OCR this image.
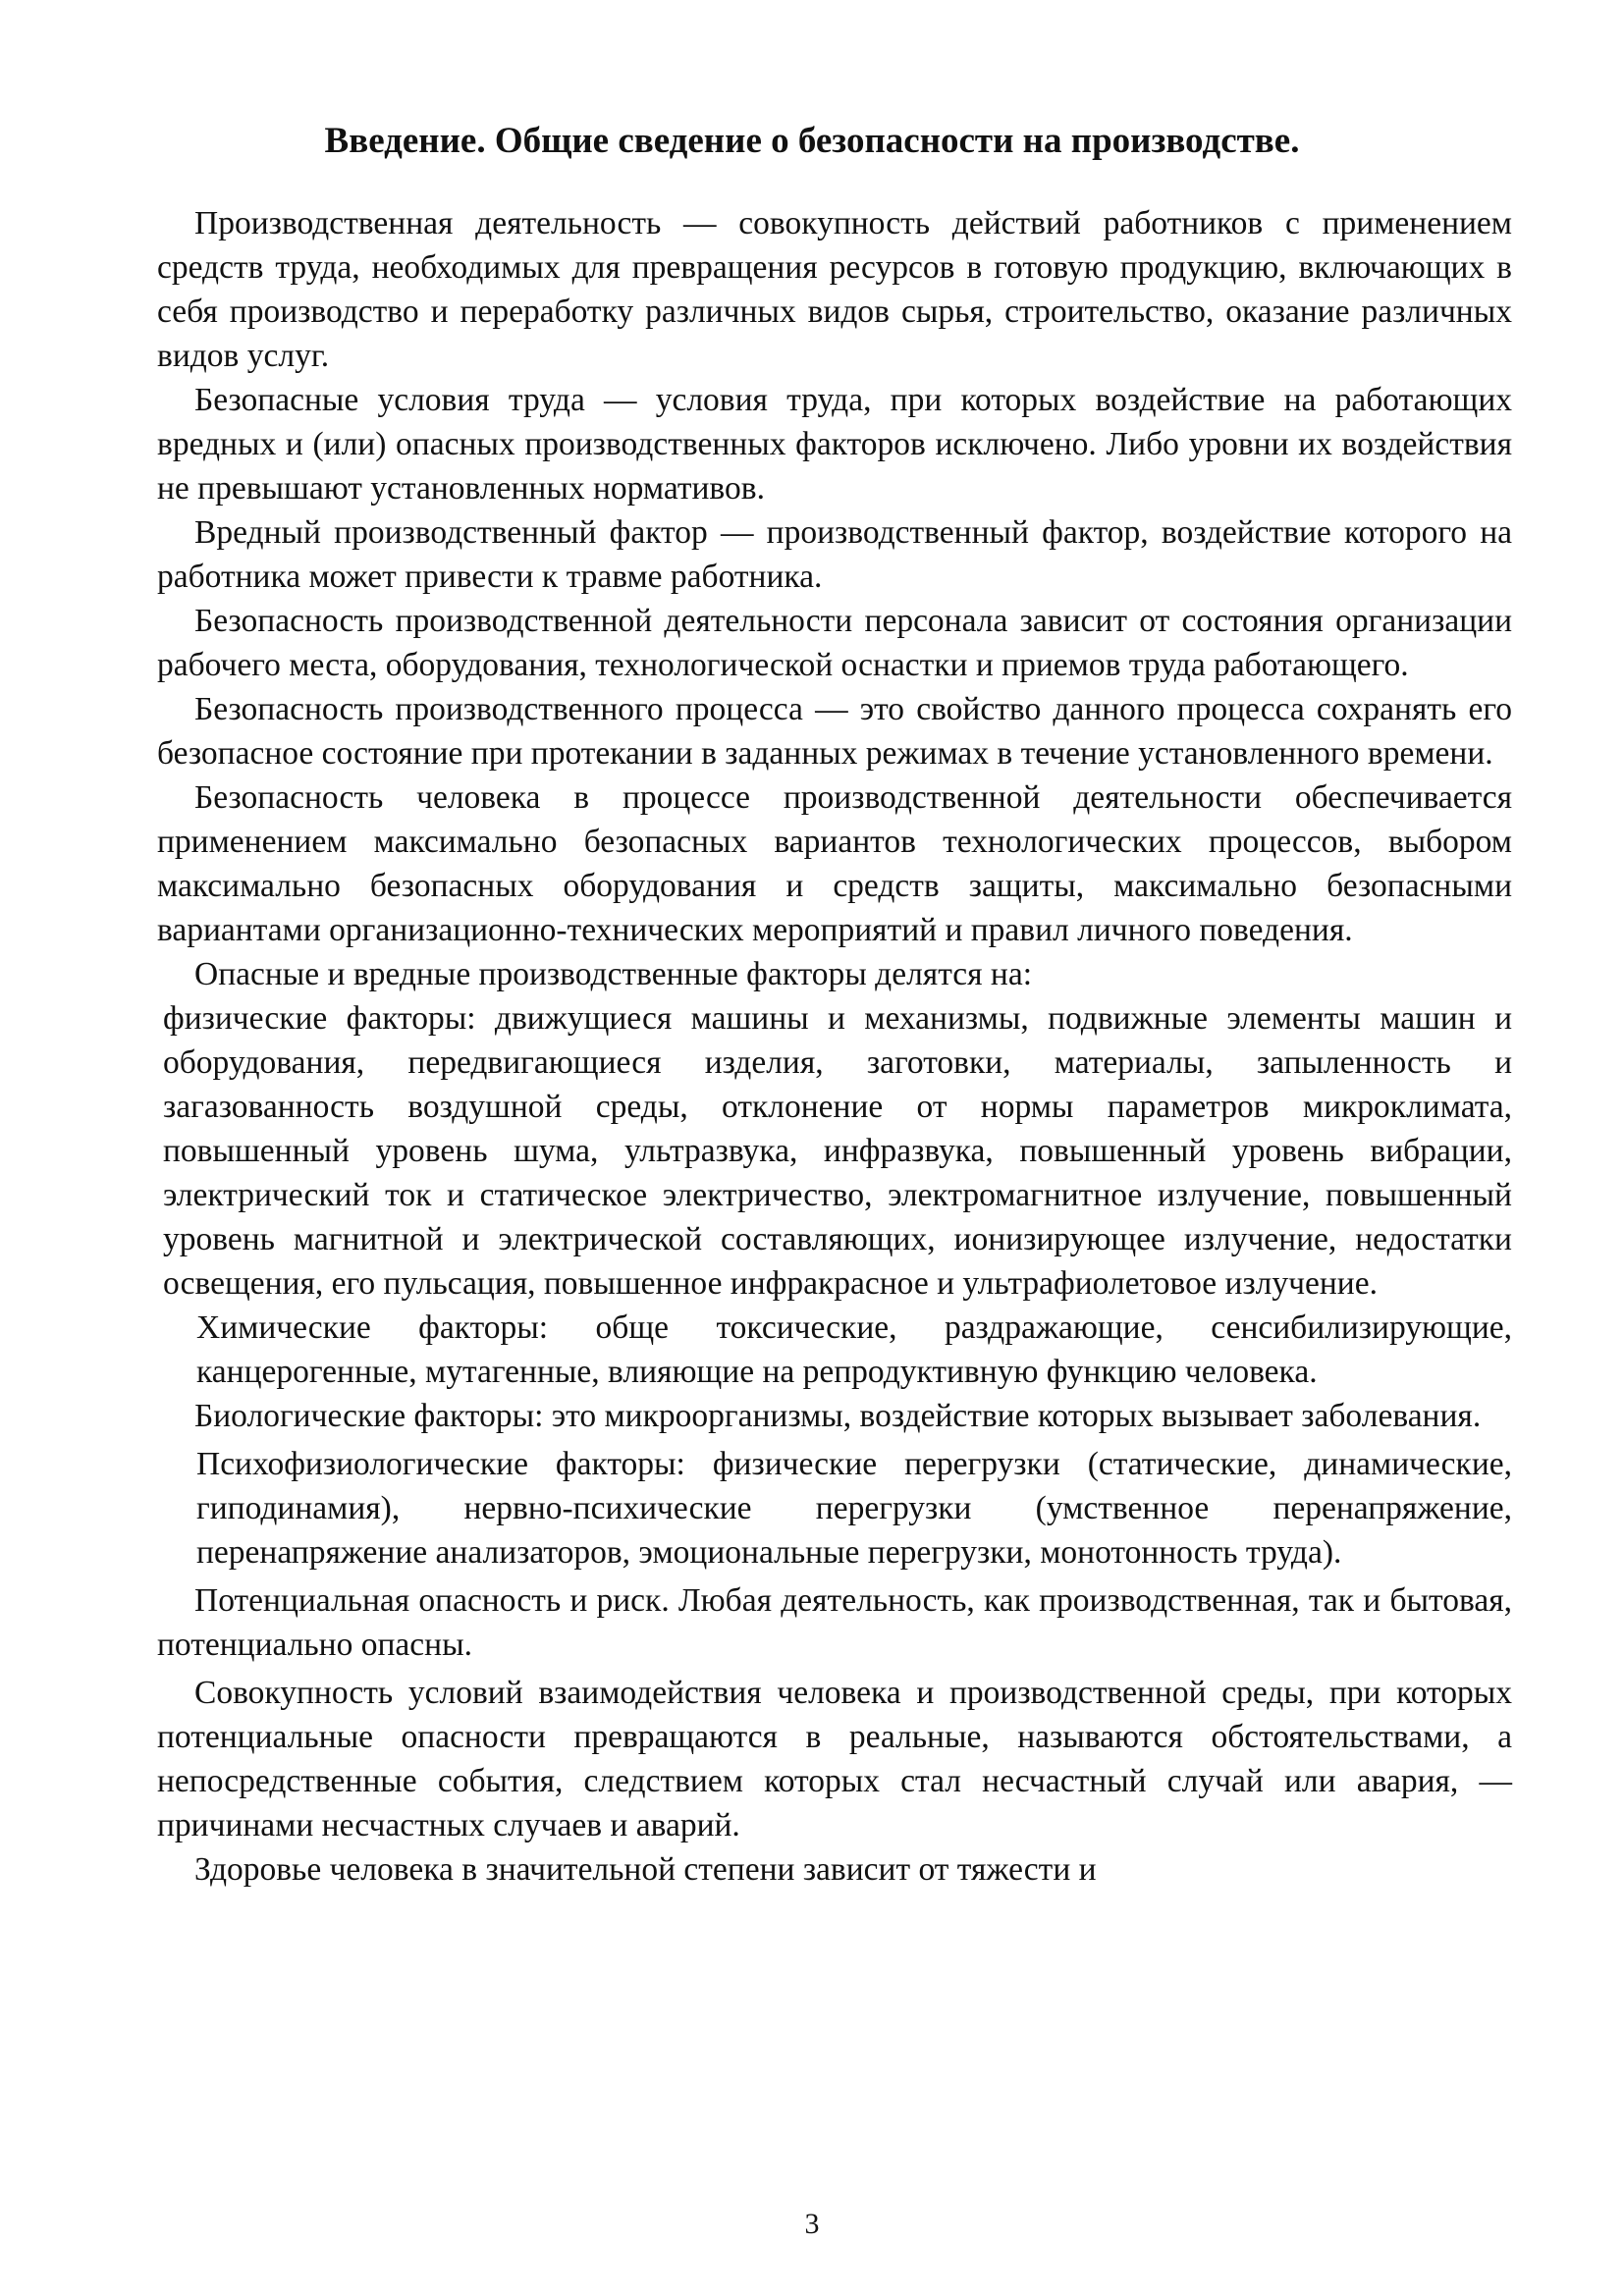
Введение. Общие сведение о безопасности на производстве.

Производственная деятельность — совокупность действий работников с применением средств труда, необходимых для превращения ресурсов в готовую продукцию, включающих в себя производство и переработку различных видов сырья, строительство, оказание различных видов услуг.

Безопасные условия труда — условия труда, при которых воздействие на работающих вредных и (или) опасных производственных факторов исключено. Либо уровни их воздействия не превышают установленных нормативов.

Вредный производственный фактор — производственный фактор, воздействие которого на работника может привести к травме работника.

Безопасность производственной деятельности персонала зависит от состояния организации рабочего места, оборудования, технологической оснастки и приемов труда работающего.

Безопасность производственного процесса — это свойство данного процесса сохранять его безопасное состояние при протекании в заданных режимах в течение установленного времени.

Безопасность человека в процессе производственной деятельности обеспечивается применением максимально безопасных вариантов технологических процессов, выбором максимально безопасных оборудования и средств защиты, максимально безопасными вариантами организационно-технических мероприятий и правил личного поведения.

Опасные и вредные производственные факторы делятся на:

физические факторы: движущиеся машины и механизмы, подвижные элементы машин и оборудования, передвигающиеся изделия, заготовки, материалы, запыленность и загазованность воздушной среды, отклонение от нормы параметров микроклимата, повышенный уровень шума, ультразвука, инфразвука, повышенный уровень вибрации, электрический ток и статическое электричество, электромагнитное излучение, повышенный уровень магнитной и электрической составляющих, ионизирующее излучение, недостатки освещения, его пульсация, повышенное инфракрасное и ультрафиолетовое излучение.

Химические факторы: обще токсические, раздражающие, сенсибилизирующие, канцерогенные, мутагенные, влияющие на репродуктивную функцию человека.

Биологические факторы: это микроорганизмы, воздействие которых вызывает заболевания.

Психофизиологические факторы: физические перегрузки (статические, динамические, гиподинамия), нервно-психические перегрузки (умственное перенапряжение, перенапряжение анализаторов, эмоциональные перегрузки, монотонность труда).

Потенциальная опасность и риск. Любая деятельность, как производственная, так и бытовая, потенциально опасны.

Совокупность условий взаимодействия человека и производственной среды, при которых потенциальные опасности превращаются в реальные, называются обстоятельствами, а непосредственные события, следствием которых стал несчастный случай или авария, — причинами несчастных случаев и аварий.

Здоровье человека в значительной степени зависит от тяжести и

3
